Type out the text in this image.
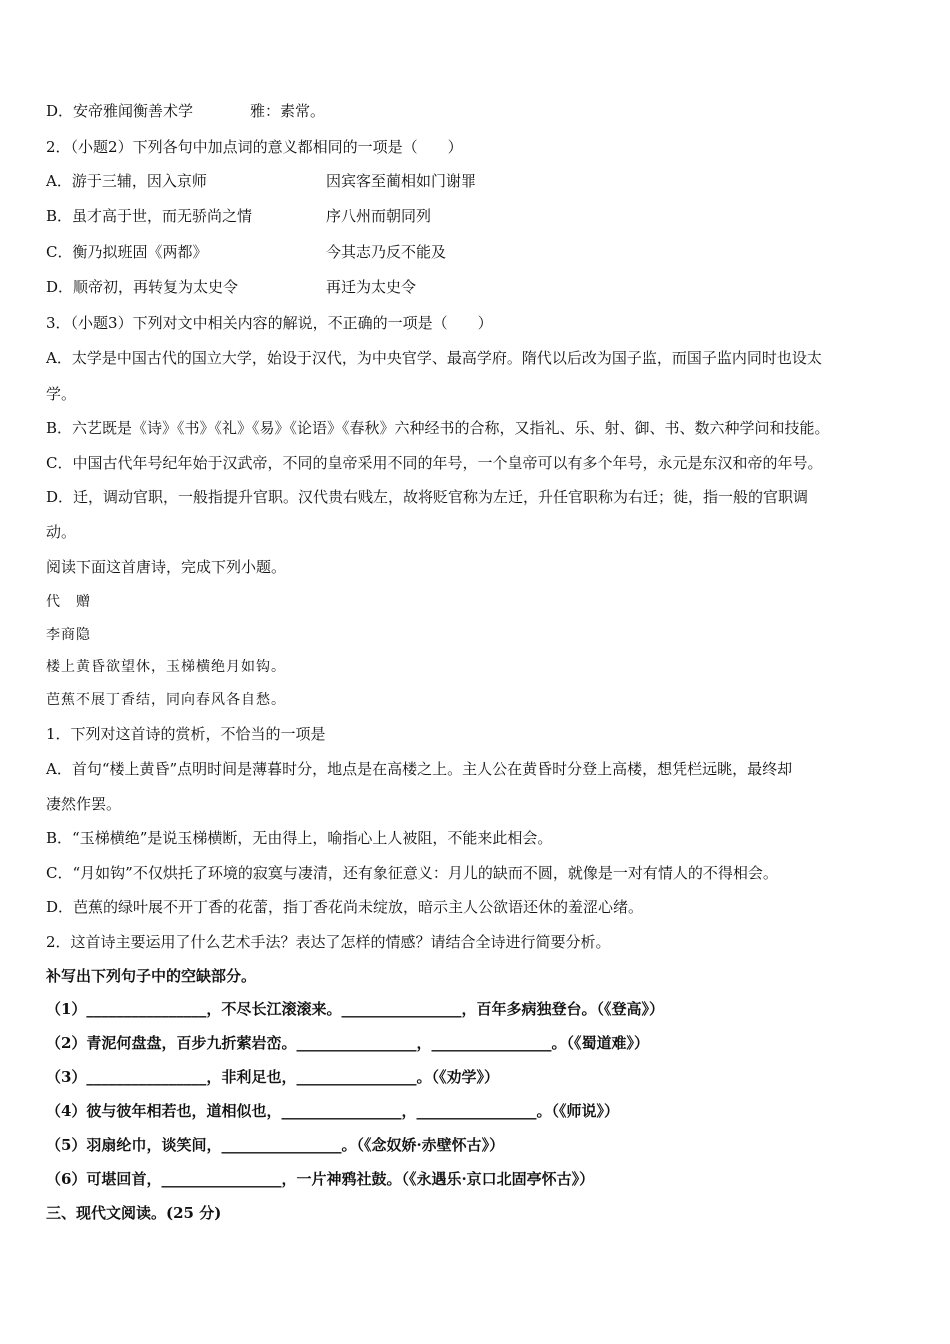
D．安帝雅闻衡善术学	雅：素常。
2．（小题2）下列各句中加点词的意义都相同的一项是（　　）
A．游于三辅，因入京师	因宾客至蔺相如门谢罪
B．虽才高于世，而无骄尚之情	序八州而朝同列
C．衡乃拟班固《两都》	今其志乃反不能及
D．顺帝初，再转复为太史令	再迁为太史令
3．（小题3）下列对文中相关内容的解说，不正确的一项是（　　）
A．太学是中国古代的国立大学，始设于汉代，为中央官学、最高学府。隋代以后改为国子监，而国子监内同时也设太
学。
B．六艺既是《诗》《书》《礼》《易》《论语》《春秋》六种经书的合称，又指礼、乐、射、御、书、数六种学问和技能。
C．中国古代年号纪年始于汉武帝，不同的皇帝采用不同的年号，一个皇帝可以有多个年号，永元是东汉和帝的年号。
D．迁，调动官职，一般指提升官职。汉代贵右贱左，故将贬官称为左迁，升任官职称为右迁；徙，指一般的官职调
动。
阅读下面这首唐诗，完成下列小题。
代　赠
李商隐
楼上黄昏欲望休，玉梯横绝月如钩。
芭蕉不展丁香结，同向春风各自愁。
1．下列对这首诗的赏析，不恰当的一项是
A．首句“楼上黄昏”点明时间是薄暮时分，地点是在高楼之上。主人公在黄昏时分登上高楼，想凭栏远眺，最终却
凄然作罢。
B．“玉梯横绝”是说玉梯横断，无由得上，喻指心上人被阻，不能来此相会。
C．“月如钩”不仅烘托了环境的寂寞与凄清，还有象征意义：月儿的缺而不圆，就像是一对有情人的不得相会。
D．芭蕉的绿叶展不开丁香的花蕾，指丁香花尚未绽放，暗示主人公欲语还休的羞涩心绪。
2．这首诗主要运用了什么艺术手法？表达了怎样的情感？请结合全诗进行简要分析。
补写出下列句子中的空缺部分。
（1）________________，不尽长江滚滚来。________________，百年多病独登台。（《登高》）
（2）青泥何盘盘，百步九折萦岩峦。________________，________________。（《蜀道难》）
（3）________________，非利足也，________________。（《劝学》）
（4）彼与彼年相若也，道相似也，________________，________________。（《师说》）
（5）羽扇纶巾，谈笑间，________________。（《念奴娇·赤壁怀古》）
（6）可堪回首，________________，一片神鸦社鼓。（《永遇乐·京口北固亭怀古》）
三、现代文阅读。(25 分)
